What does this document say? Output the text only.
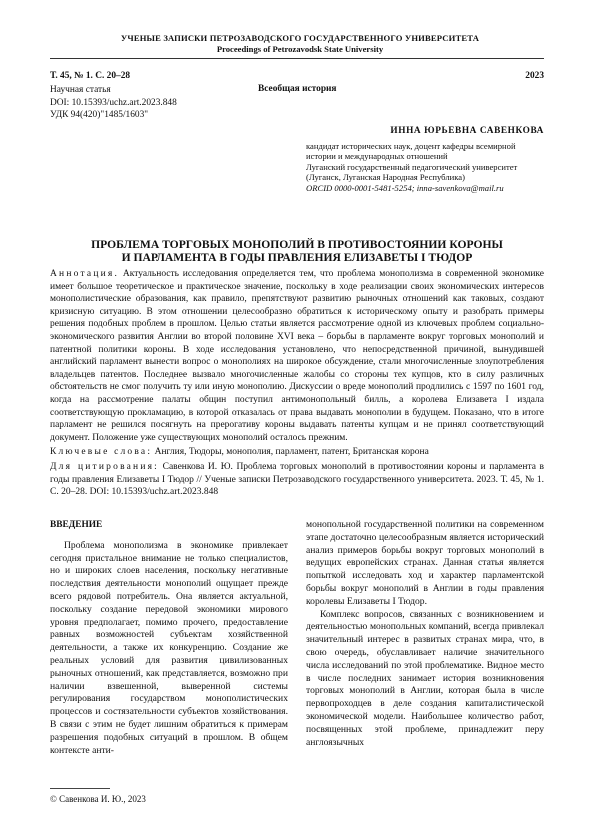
УЧЕНЫЕ ЗАПИСКИ ПЕТРОЗАВОДСКОГО ГОСУДАРСТВЕННОГО УНИВЕРСИТЕТА
Proceedings of Petrozavodsk State University
Т. 45, № 1. С. 20–28	2023
Научная статья
DOI: 10.15393/uchz.art.2023.848
УДК 94(420)"1485/1603"
Всеобщая история
ИННА ЮРЬЕВНА САВЕНКОВА
кандидат исторических наук, доцент кафедры всемирной
истории и международных отношений
Луганский государственный педагогический университет
(Луганск, Луганская Народная Республика)
ORCID 0000-0001-5481-5254; inna-savenkova@mail.ru
ПРОБЛЕМА ТОРГОВЫХ МОНОПОЛИЙ В ПРОТИВОСТОЯНИИ КОРОНЫ
И ПАРЛАМЕНТА В ГОДЫ ПРАВЛЕНИЯ ЕЛИЗАВЕТЫ I ТЮДОР

Аннотация. Актуальность исследования определяется тем, что проблема монополизма в современной экономике имеет большое теоретическое и практическое значение, поскольку в ходе реализации своих экономических интересов монополистические образования, как правило, препятствуют развитию рыночных отношений как таковых, создают кризисную ситуацию. В этом отношении целесообразно обратиться к историческому опыту и разобрать примеры решения подобных проблем в прошлом. Целью статьи является рассмотрение одной из ключевых проблем социально-экономического развития Англии во второй половине XVI века – борьбы в парламенте вокруг торговых монополий и патентной политики короны. В ходе исследования установлено, что непосредственной причиной, вынудившей английский парламент вынести вопрос о монополиях на широкое обсуждение, стали многочисленные злоупотребления владельцев патентов. Последнее вызвало многочисленные жалобы со стороны тех купцов, кто в силу различных обстоятельств не смог получить ту или иную монополию. Дискуссии о вреде монополий продлились с 1597 по 1601 год, когда на рассмотрение палаты общин поступил антимонопольный билль, а королева Елизавета I издала соответствующую прокламацию, в которой отказалась от права выдавать монополии в будущем. Показано, что в итоге парламент не решился посягнуть на прерогативу короны выдавать патенты купцам и не принял соответствующий документ. Положение уже существующих монополий осталось прежним.

Ключевые слова: Англия, Тюдоры, монополия, парламент, патент, Британская корона

Для цитирования: Савенкова И. Ю. Проблема торговых монополий в противостоянии короны и парламента в годы правления Елизаветы I Тюдор // Ученые записки Петрозаводского государственного университета. 2023. Т. 45, № 1. С. 20–28. DOI: 10.15393/uchz.art.2023.848

ВВЕДЕНИЕ

Проблема монополизма в экономике привлекает сегодня пристальное внимание не только специалистов, но и широких слоев населения, поскольку негативные последствия деятельности монополий ощущает прежде всего рядовой потребитель. Она является актуальной, поскольку создание передовой экономики мирового уровня предполагает, помимо прочего, предоставление равных возможностей субъектам хозяйственной деятельности, а также их конкуренцию. Создание же реальных условий для развития цивилизованных рыночных отношений, как представляется, возможно при наличии взвешенной, выверенной системы регулирования государством монополистических процессов и состязательности субъектов хозяйствования. В связи с этим не будет лишним обратиться к примерам разрешения подобных ситуаций в прошлом. В общем контексте анти-

монопольной государственной политики на современном этапе достаточно целесообразным является исторический анализ примеров борьбы вокруг торговых монополий в ведущих европейских странах. Данная статья является попыткой исследовать ход и характер парламентской борьбы вокруг монополий в Англии в годы правления королевы Елизаветы I Тюдор.

Комплекс вопросов, связанных с возникновением и деятельностью монопольных компаний, всегда привлекал значительный интерес в развитых странах мира, что, в свою очередь, обуславливает наличие значительного числа исследований по этой проблематике. Видное место в числе последних занимает история возникновения торговых монополий в Англии, которая была в числе первопроходцев в деле создания капиталистической экономической модели. Наибольшее количество работ, посвященных этой проблеме, принадлежит перу англоязычных

© Савенкова И. Ю., 2023
